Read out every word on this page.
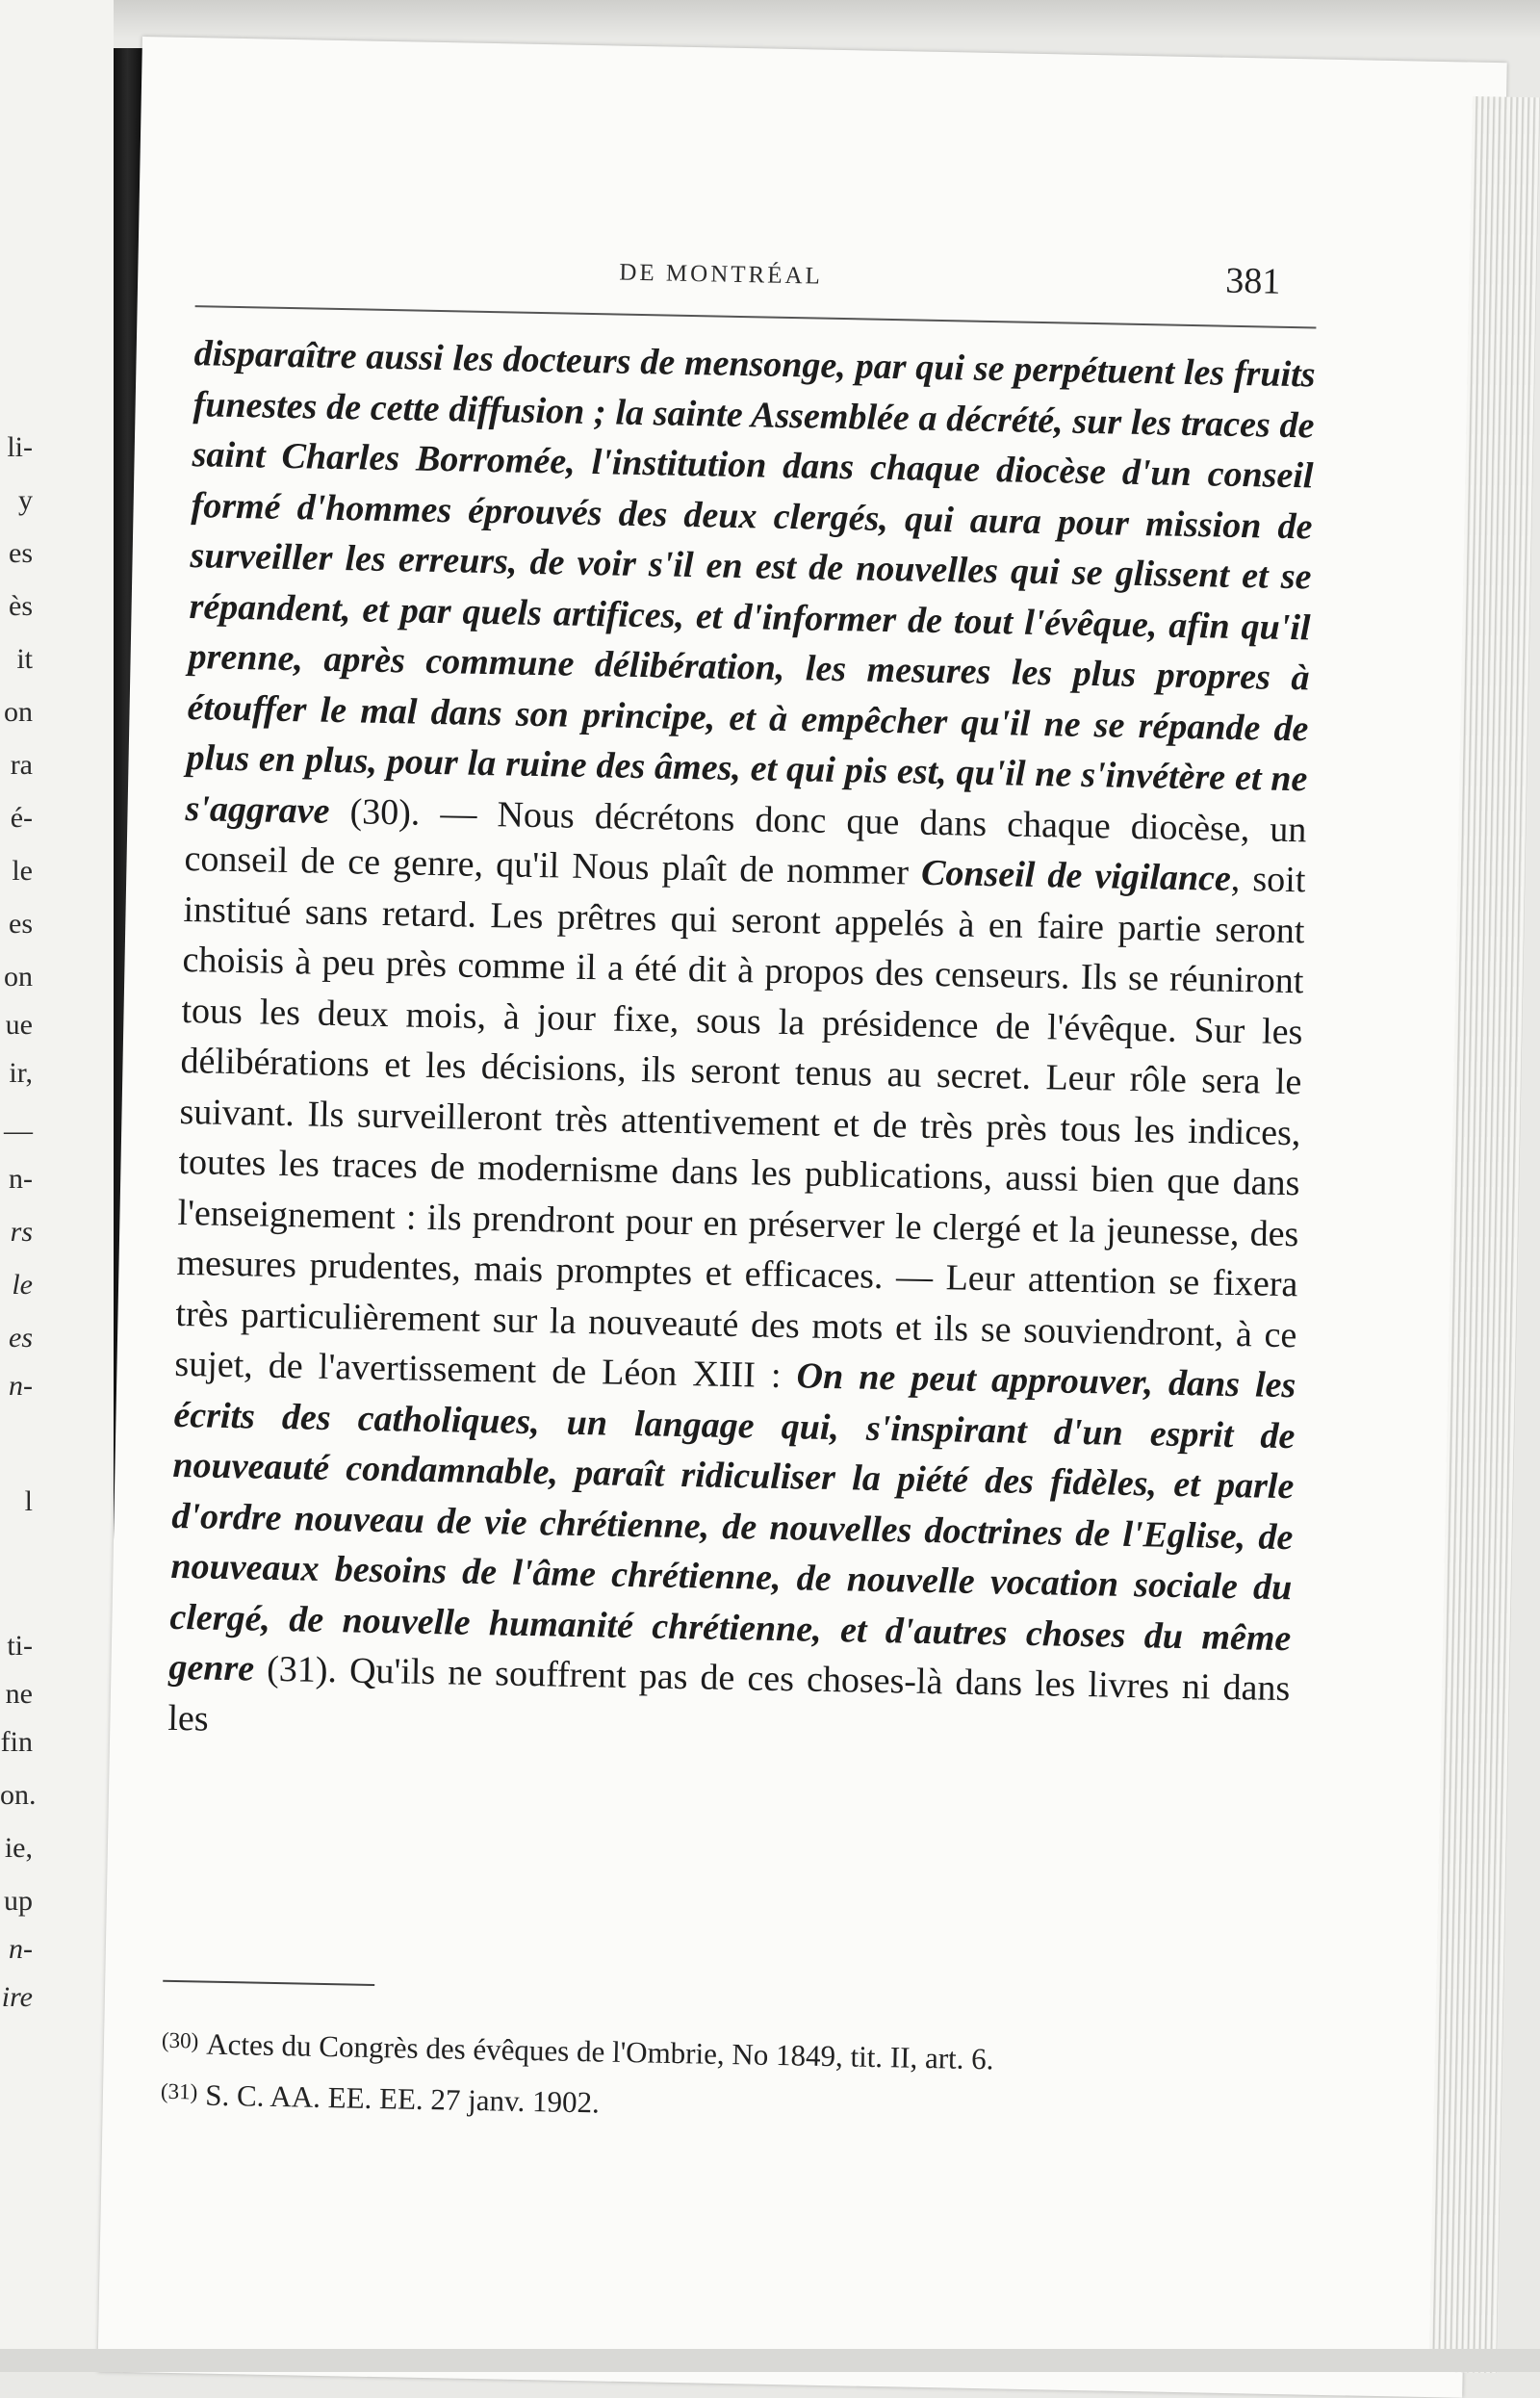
li-
y
es
ès
it
on
ra
é-
le
es
on
ue
ir,
—
n-
rs
le
es
n-
l
ti-
ne
fin
on.
ie,
up
n-
ire
DE MONTRÉAL	381

disparaître aussi les docteurs de mensonge, par qui se perpétuent les fruits funestes de cette diffusion ; la sainte Assemblée a décrété, sur les traces de saint Charles Borromée, l'institution dans chaque diocèse d'un conseil formé d'hommes éprouvés des deux clergés, qui aura pour mission de surveiller les erreurs, de voir s'il en est de nouvelles qui se glissent et se répandent, et par quels artifices, et d'informer de tout l'évêque, afin qu'il prenne, après commune délibération, les mesures les plus propres à étouffer le mal dans son principe, et à empêcher qu'il ne se répande de plus en plus, pour la ruine des âmes, et qui pis est, qu'il ne s'invétère et ne s'aggrave (30). — Nous décrétons donc que dans chaque diocèse, un conseil de ce genre, qu'il Nous plaît de nommer Conseil de vigilance, soit institué sans retard. Les prêtres qui seront appelés à en faire partie seront choisis à peu près comme il a été dit à propos des censeurs. Ils se réuniront tous les deux mois, à jour fixe, sous la présidence de l'évêque. Sur les délibérations et les décisions, ils seront tenus au secret. Leur rôle sera le suivant. Ils surveilleront très attentivement et de très près tous les indices, toutes les traces de modernisme dans les publications, aussi bien que dans l'enseignement : ils prendront pour en préserver le clergé et la jeunesse, des mesures prudentes, mais promptes et efficaces. — Leur attention se fixera très particulièrement sur la nouveauté des mots et ils se souviendront, à ce sujet, de l'avertissement de Léon XIII : On ne peut approuver, dans les écrits des catholiques, un langage qui, s'inspirant d'un esprit de nouveauté condamnable, paraît ridiculiser la piété des fidèles, et parle d'ordre nouveau de vie chrétienne, de nouvelles doctrines de l'Eglise, de nouveaux besoins de l'âme chrétienne, de nouvelle vocation sociale du clergé, de nouvelle humanité chrétienne, et d'autres choses du même genre (31). Qu'ils ne souffrent pas de ces choses-là dans les livres ni dans les

(30) Actes du Congrès des évêques de l'Ombrie, No 1849, tit. II, art. 6.
(31) S. C. AA. EE. EE. 27 janv. 1902.
